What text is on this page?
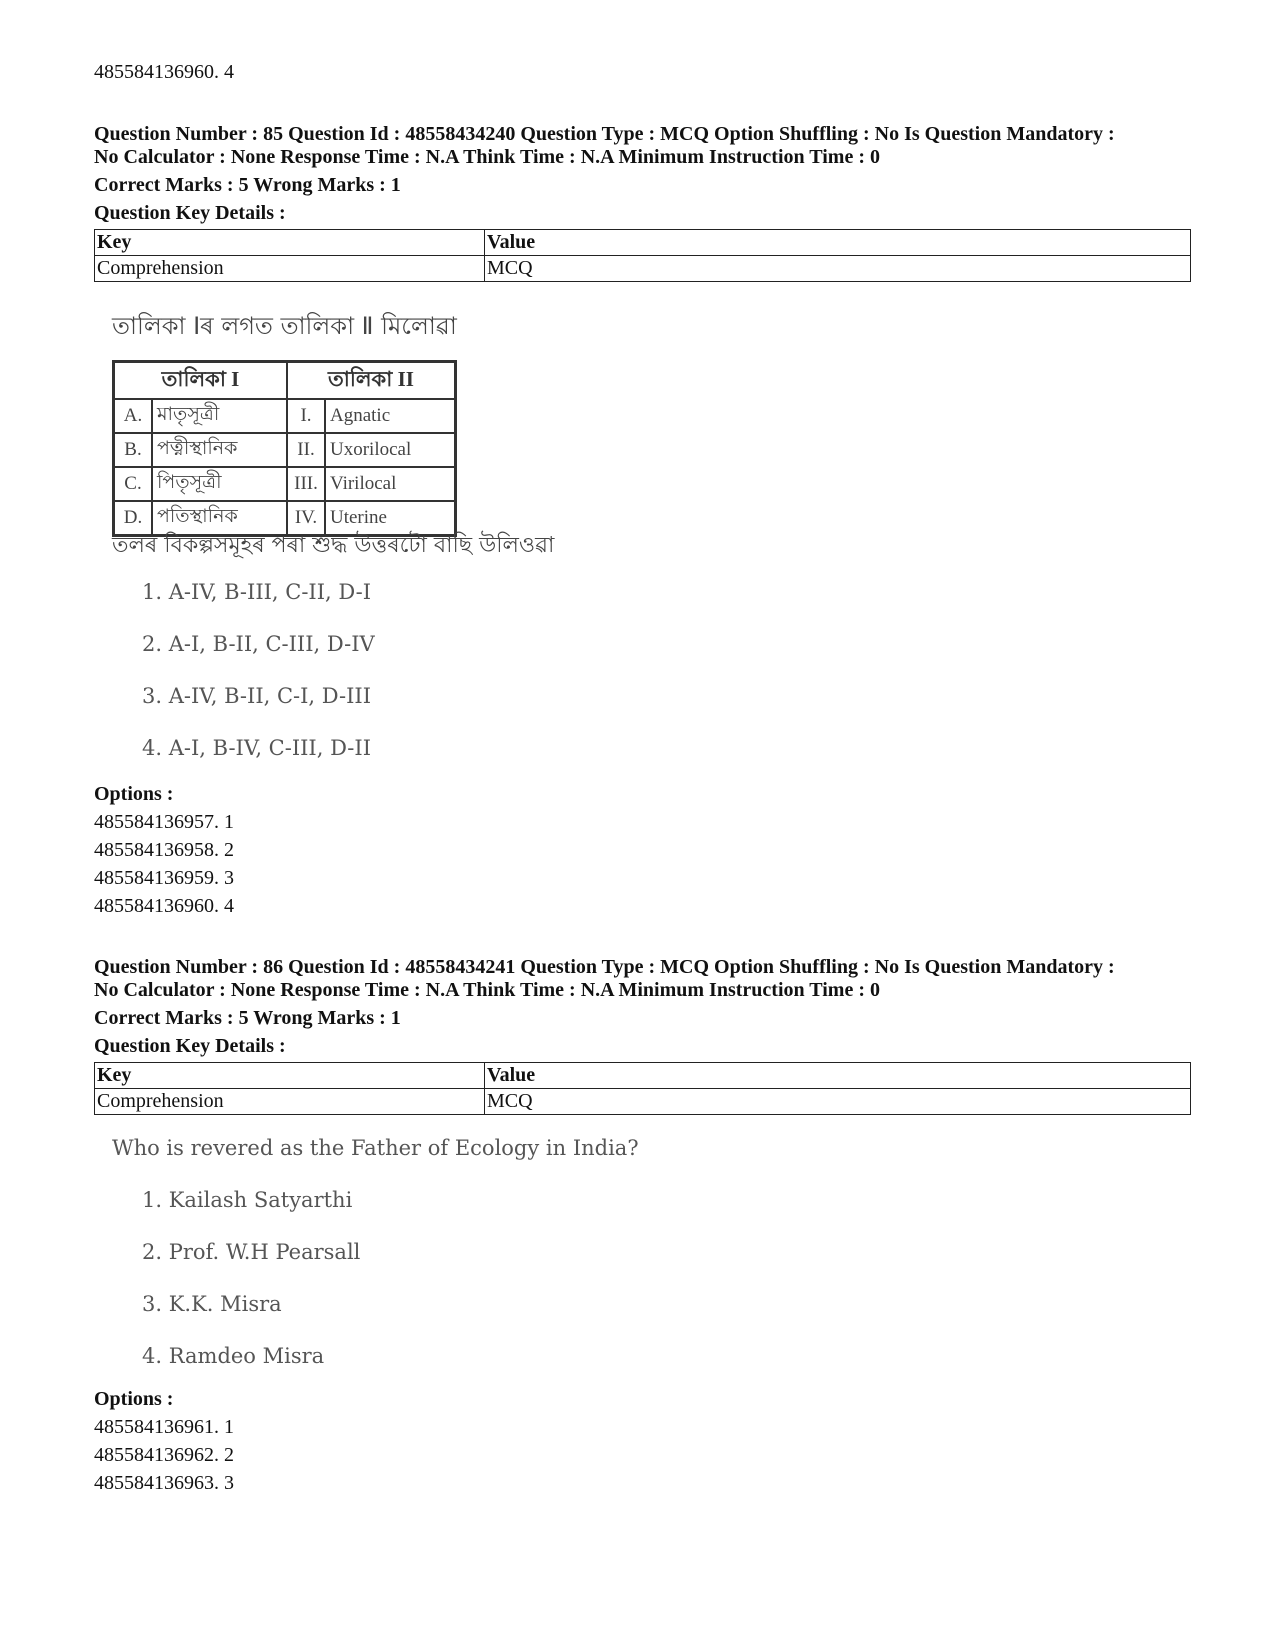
485584136960. 4
Question Number : 85 Question Id : 48558434240 Question Type : MCQ Option Shuffling : No Is Question Mandatory :
No Calculator : None Response Time : N.A Think Time : N.A Minimum Instruction Time : 0
Correct Marks : 5 Wrong Marks : 1
Question Key Details :
Key	Value
Comprehension	MCQ
তালিকা Ⅰৰ লগত তালিকা Ⅱ মিলোৱা
তালিকা I		তালিকা II	
A.	মাতৃসূত্ৰী	I.	Agnatic
B.	পত্নীস্থানিক	II.	Uxorilocal
C.	পিতৃসূত্ৰী	III.	Virilocal
D.	পতিস্থানিক	IV.	Uterine
তলৰ বিকল্পসমূহৰ পৰা শুদ্ধ উত্তৰটো বাছি উলিওৱা
1. A-IV, B-III, C-II, D-I
2. A-I, B-II, C-III, D-IV
3. A-IV, B-II, C-I, D-III
4. A-I, B-IV, C-III, D-II
Options :
485584136957. 1
485584136958. 2
485584136959. 3
485584136960. 4
Question Number : 86 Question Id : 48558434241 Question Type : MCQ Option Shuffling : No Is Question Mandatory :
No Calculator : None Response Time : N.A Think Time : N.A Minimum Instruction Time : 0
Correct Marks : 5 Wrong Marks : 1
Question Key Details :
Key	Value
Comprehension	MCQ
Who is revered as the Father of Ecology in India?
1. Kailash Satyarthi
2. Prof. W.H Pearsall
3. K.K. Misra
4. Ramdeo Misra
Options :
485584136961. 1
485584136962. 2
485584136963. 3
